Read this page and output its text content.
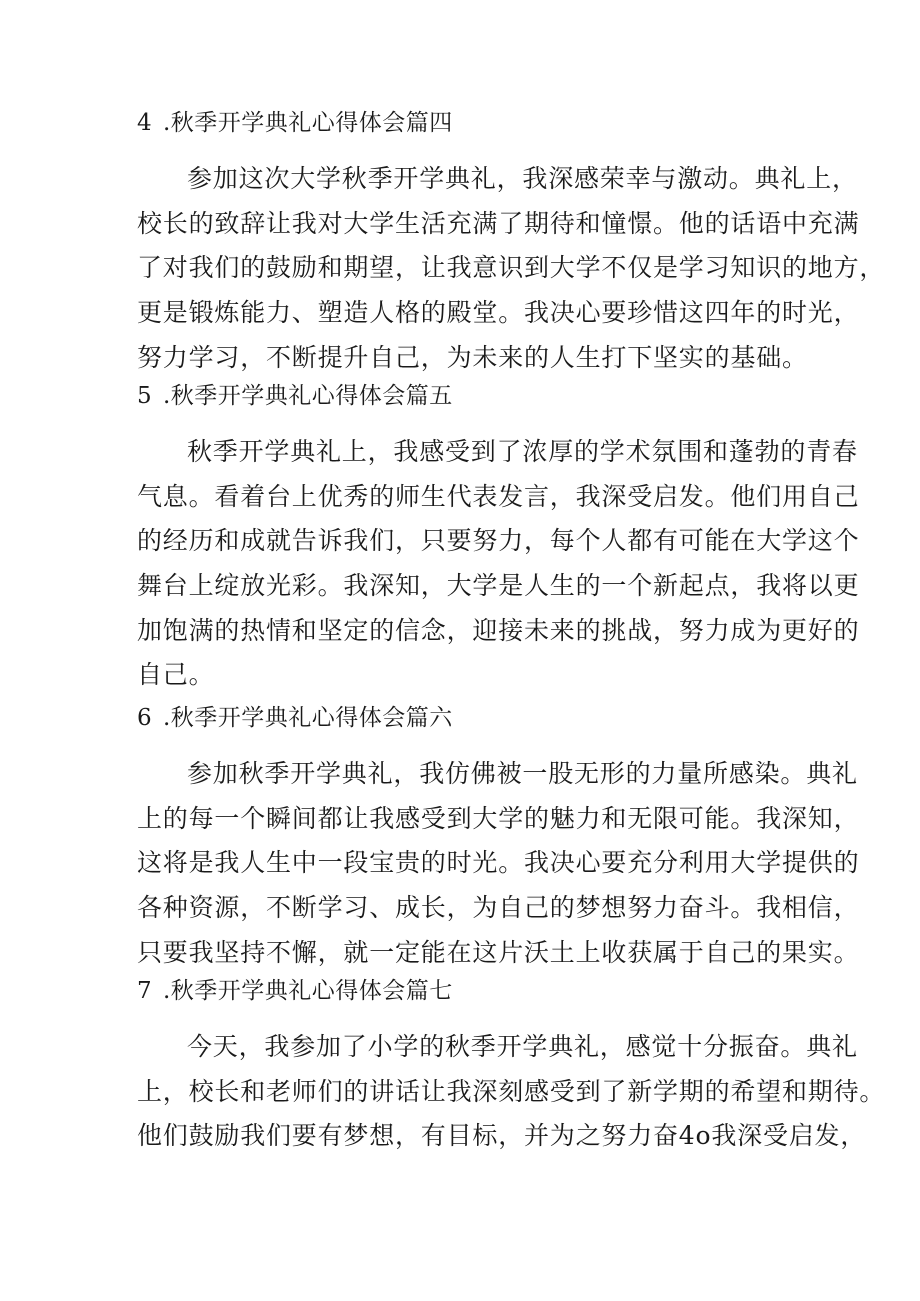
4 .秋季开学典礼心得体会篇四
参加这次大学秋季开学典礼，我深感荣幸与激动。典礼上，
校长的致辞让我对大学生活充满了期待和憧憬。他的话语中充满
了对我们的鼓励和期望，让我意识到大学不仅是学习知识的地方，
更是锻炼能力、塑造人格的殿堂。我决心要珍惜这四年的时光，
努力学习，不断提升自己，为未来的人生打下坚实的基础。
5 .秋季开学典礼心得体会篇五
秋季开学典礼上，我感受到了浓厚的学术氛围和蓬勃的青春
气息。看着台上优秀的师生代表发言，我深受启发。他们用自己
的经历和成就告诉我们，只要努力，每个人都有可能在大学这个
舞台上绽放光彩。我深知，大学是人生的一个新起点，我将以更
加饱满的热情和坚定的信念，迎接未来的挑战，努力成为更好的
自己。
6 .秋季开学典礼心得体会篇六
参加秋季开学典礼，我仿佛被一股无形的力量所感染。典礼
上的每一个瞬间都让我感受到大学的魅力和无限可能。我深知，
这将是我人生中一段宝贵的时光。我决心要充分利用大学提供的
各种资源，不断学习、成长，为自己的梦想努力奋斗。我相信，
只要我坚持不懈，就一定能在这片沃土上收获属于自己的果实。
7 .秋季开学典礼心得体会篇七
今天，我参加了小学的秋季开学典礼，感觉十分振奋。典礼
上，校长和老师们的讲话让我深刻感受到了新学期的希望和期待。
他们鼓励我们要有梦想，有目标，并为之努力奋4o我深受启发，
